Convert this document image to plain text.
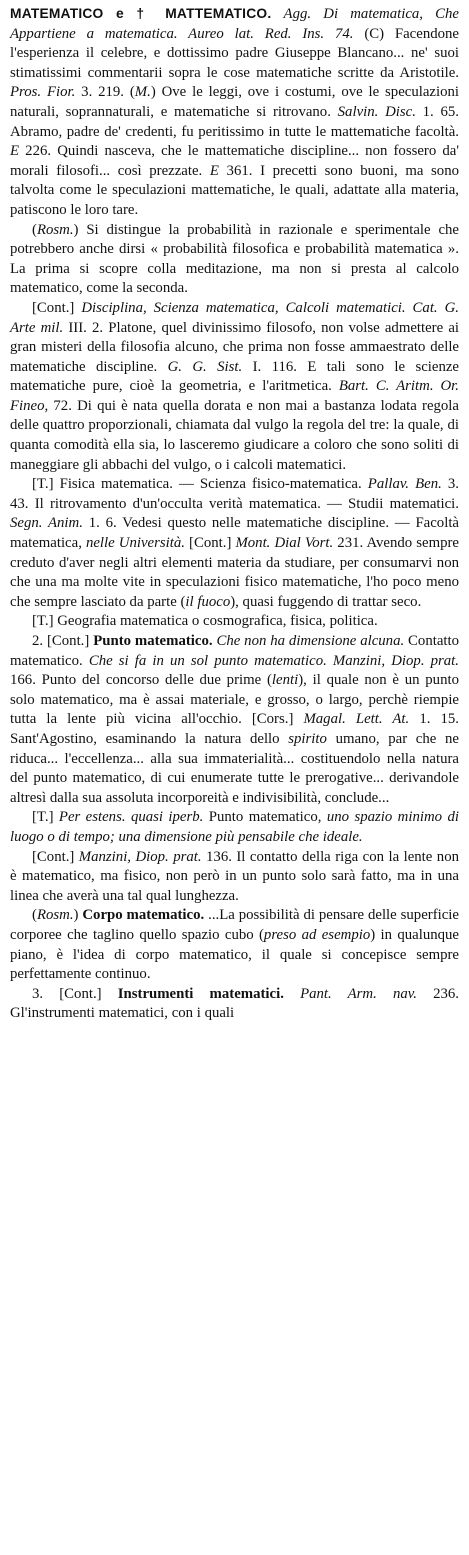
MATEMATICO e † MATTEMATICO. Agg. Di matematica, Che Appartiene a matematica. Aureo lat. Red. Ins. 74. (C) Facendone l'esperienza il celebre, e dottissimo padre Giuseppe Blancano... ne' suoi stimatissimi commentarii sopra le cose matematiche scritte da Aristotile. Pros. Fior. 3. 219. (M.) Ove le leggi, ove i costumi, ove le speculazioni naturali, soprannaturali, e matematiche si ritrovano. Salvin. Disc. 1. 65. Abramo, padre de' credenti, fu peritissimo in tutte le mattematiche facoltà. E 226. Quindi nasceva, che le mattematiche discipline... non fossero da' morali filosofi... così prezzate. E 361. I precetti sono buoni, ma sono talvolta come le speculazioni mattematiche, le quali, adattate alla materia, patiscono le loro tare.

(Rosm.) Si distingue la probabilità in razionale e sperimentale che potrebbero anche dirsi « probabilità filosofica e probabilità matematica ». La prima si scopre colla meditazione, ma non si presta al calcolo matematico, come la seconda.

[Cont.] Disciplina, Scienza matematica, Calcoli matematici. Cat. G. Arte mil. III. 2. Platone, quel divinissimo filosofo, non volse admettere ai gran misteri della filosofia alcuno, che prima non fosse ammaestrato delle matematiche discipline. G. G. Sist. I. 116. E tali sono le scienze matematiche pure, cioè la geometria, e l'aritmetica. Bart. C. Aritm. Or. Fineo, 72. Di qui è nata quella dorata e non mai a bastanza lodata regola delle quattro proporzionali, chiamata dal vulgo la regola del tre: la quale, di quanta comodità ella sia, lo lasceremo giudicare a coloro che sono soliti di maneggiare gli abbachi del vulgo, o i calcoli matematici.

[T.] Fisica matematica. — Scienza fisico-matematica. Pallav. Ben. 3. 43. Il ritrovamento d'un'occulta verità matematica. — Studii matematici. Segn. Anim. 1. 6. Vedesi questo nelle matematiche discipline. — Facoltà matematica, nelle Università. [Cont.] Mont. Dial Vort. 231. Avendo sempre creduto d'aver negli altri elementi materia da studiare, per consumarvi non che una ma molte vite in speculazioni fisico matematiche, l'ho poco meno che sempre lasciato da parte (il fuoco), quasi fuggendo di trattar seco.

[T.] Geografia matematica o cosmografica, fisica, politica.

2. [Cont.] Punto matematico. Che non ha dimensione alcuna. Contatto matematico. Che si fa in un sol punto matematico. Manzini, Diop. prat. 166. Punto del concorso delle due prime (lenti), il quale non è un punto solo matematico, ma è assai materiale, e grosso, o largo, perchè riempie tutta la lente più vicina all'occhio. [Cors.] Magal. Lett. At. 1. 15. Sant'Agostino, esaminando la natura dello spirito umano, par che ne riduca... l'eccellenza... alla sua immaterialità... costituendolo nella natura del punto matematico, di cui enumerate tutte le prerogative... derivandole altresì dalla sua assoluta incorporeità e indivisibilità, conclude...

[T.] Per estens. quasi iperb. Punto matematico, uno spazio minimo di luogo o di tempo; una dimensione più pensabile che ideale.

[Cont.] Manzini, Diop. prat. 136. Il contatto della riga con la lente non è matematico, ma fisico, non però in un punto solo sarà fatto, ma in una linea che averà una tal qual lunghezza.

(Rosm.) Corpo matematico. ...La possibilità di pensare delle superficie corporee che taglino quello spazio cubo (preso ad esempio) in qualunque piano, è l'idea di corpo matematico, il quale si concepisce sempre perfettamente continuo.

3. [Cont.] Instrumenti matematici. Pant. Arm. nav. 236. Gl'instrumenti matematici, con i quali
